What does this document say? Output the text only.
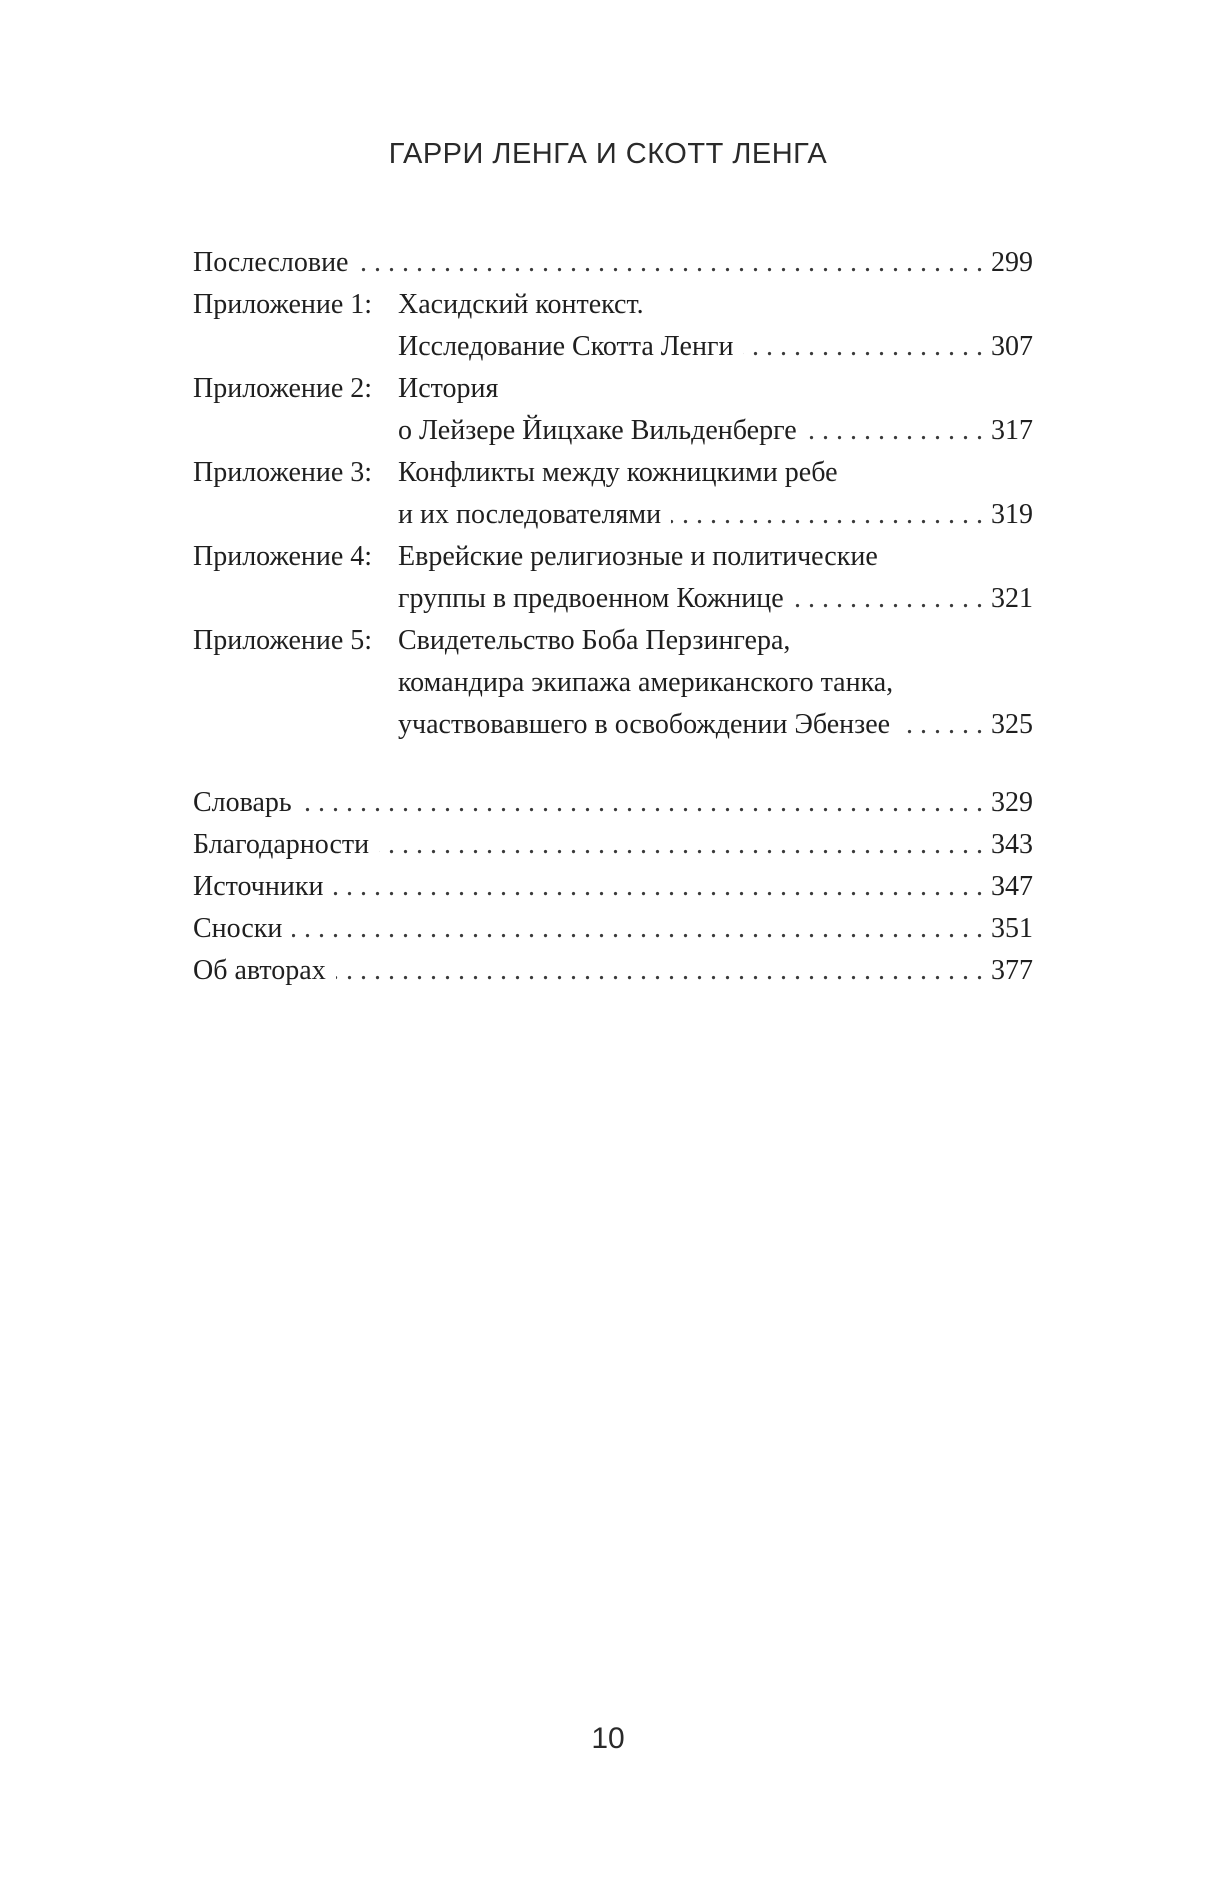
ГАРРИ ЛЕНГА И СКОТТ ЛЕНГА
Послесловие . . .	299
Приложение 1: Хасидский контекст.
Исследование Скотта Ленги . . .	307
Приложение 2: История
о Лейзере Йицхаке Вильденберге . . .	317
Приложение 3: Конфликты между кожницкими ребе
и их последователями . . .	319
Приложение 4: Еврейские религиозные и политические
группы в предвоенном Кожнице . . .	321
Приложение 5: Свидетельство Боба Перзингера,
командира экипажа американского танка,
участвовавшего в освобождении Эбензее . . .	325
Словарь . . .	329
Благодарности . . .	343
Источники . . .	347
Сноски . . .	351
Об авторах . . .	377
10
